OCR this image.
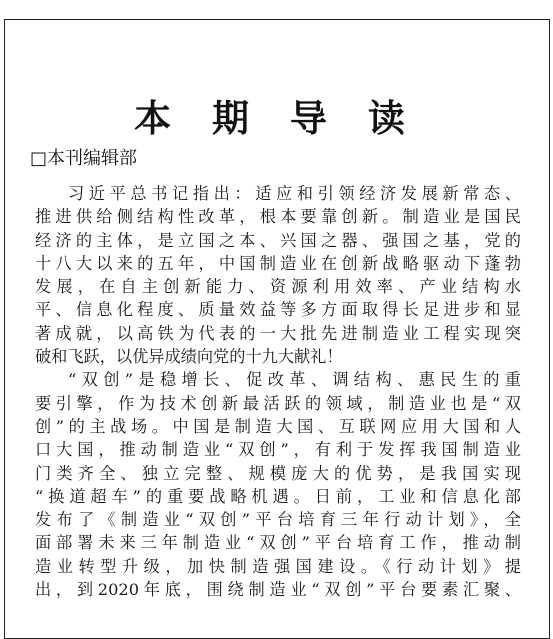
本 期 导 读
□本刊编辑部
习近平总书记指出：适应和引领经济发展新常态、
推进供给侧结构性改革，根本要靠创新。制造业是国民
经济的主体，是立国之本、兴国之器、强国之基，党的
十八大以来的五年，中国制造业在创新战略驱动下蓬勃
发展，在自主创新能力、资源利用效率、产业结构水
平、信息化程度、质量效益等多方面取得长足进步和显
著成就，以高铁为代表的一大批先进制造业工程实现突
破和飞跃，以优异成绩向党的十九大献礼！
“双创”是稳增长、促改革、调结构、惠民生的重
要引擎，作为技术创新最活跃的领域，制造业也是“双
创”的主战场。中国是制造大国、互联网应用大国和人
口大国，推动制造业“双创”，有利于发挥我国制造业
门类齐全、独立完整、规模庞大的优势，是我国实现
“换道超车”的重要战略机遇。日前，工业和信息化部
发布了《制造业“双创”平台培育三年行动计划》，全
面部署未来三年制造业“双创”平台培育工作，推动制
造业转型升级，加快制造强国建设。《行动计划》提
出，到2020年底，围绕制造业“双创”平台要素汇聚、
